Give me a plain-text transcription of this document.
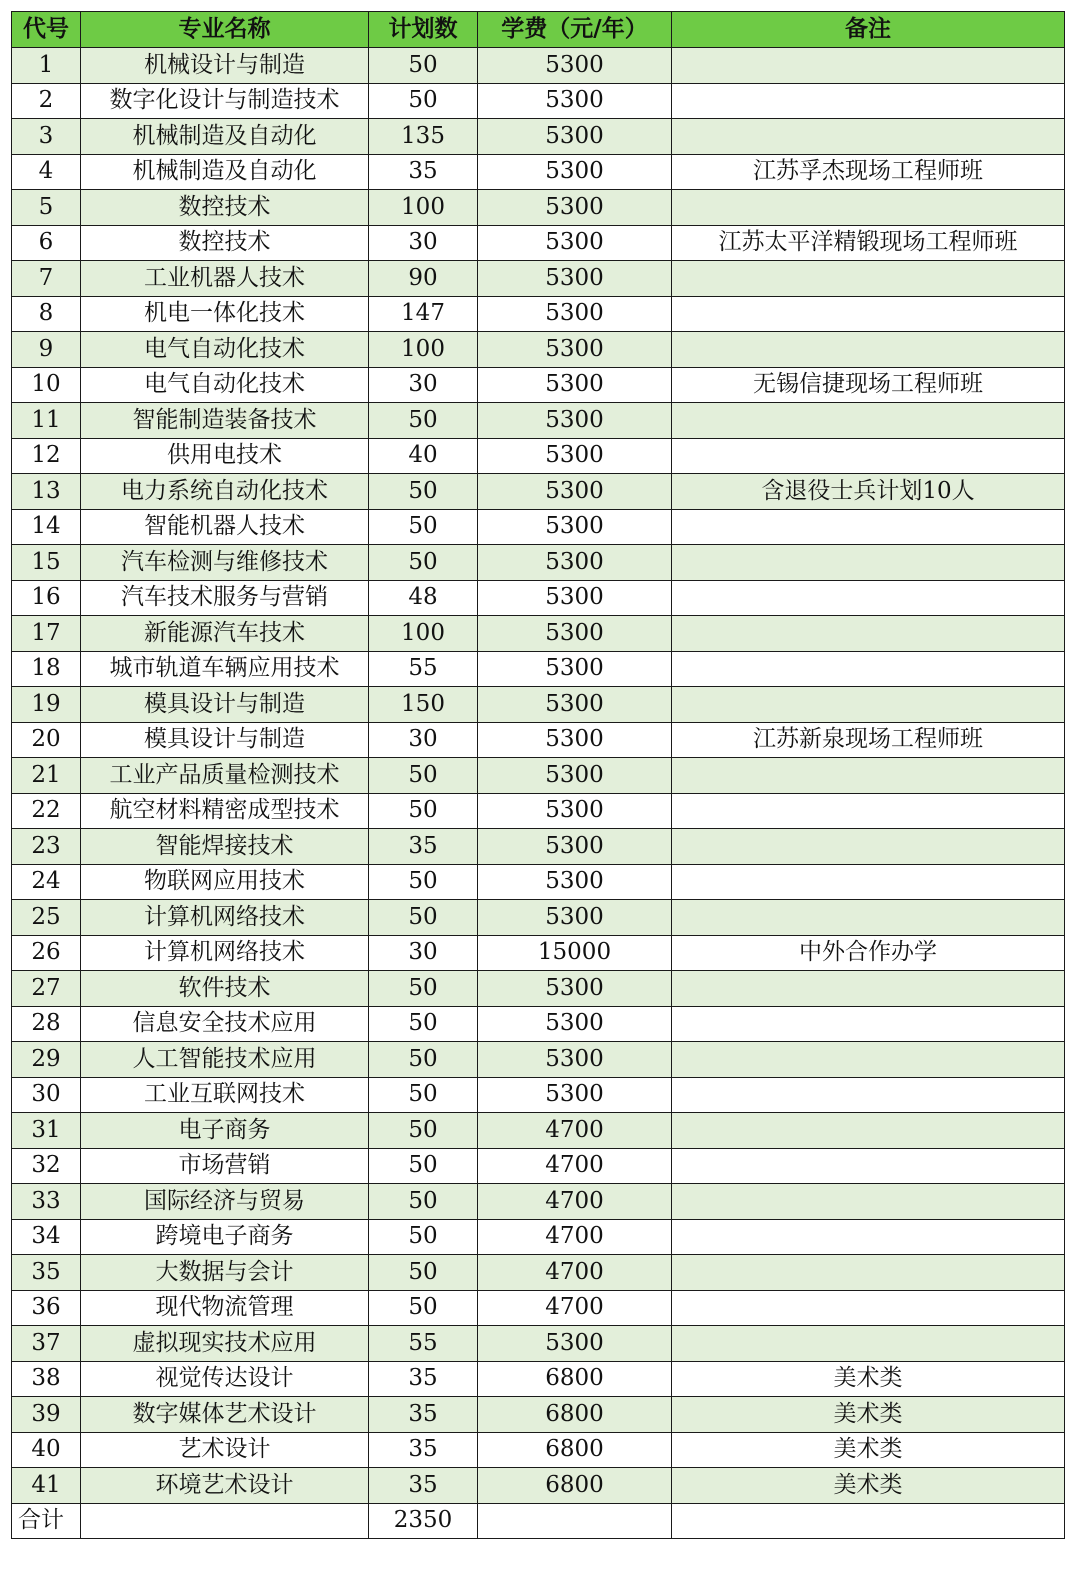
代号	专业名称	计划数	学费（元/年）	备注
1	机械设计与制造	50	5300	
2	数字化设计与制造技术	50	5300	
3	机械制造及自动化	135	5300	
4	机械制造及自动化	35	5300	江苏孚杰现场工程师班
5	数控技术	100	5300	
6	数控技术	30	5300	江苏太平洋精锻现场工程师班
7	工业机器人技术	90	5300	
8	机电一体化技术	147	5300	
9	电气自动化技术	100	5300	
10	电气自动化技术	30	5300	无锡信捷现场工程师班
11	智能制造装备技术	50	5300	
12	供用电技术	40	5300	
13	电力系统自动化技术	50	5300	含退役士兵计划10人
14	智能机器人技术	50	5300	
15	汽车检测与维修技术	50	5300	
16	汽车技术服务与营销	48	5300	
17	新能源汽车技术	100	5300	
18	城市轨道车辆应用技术	55	5300	
19	模具设计与制造	150	5300	
20	模具设计与制造	30	5300	江苏新泉现场工程师班
21	工业产品质量检测技术	50	5300	
22	航空材料精密成型技术	50	5300	
23	智能焊接技术	35	5300	
24	物联网应用技术	50	5300	
25	计算机网络技术	50	5300	
26	计算机网络技术	30	15000	中外合作办学
27	软件技术	50	5300	
28	信息安全技术应用	50	5300	
29	人工智能技术应用	50	5300	
30	工业互联网技术	50	5300	
31	电子商务	50	4700	
32	市场营销	50	4700	
33	国际经济与贸易	50	4700	
34	跨境电子商务	50	4700	
35	大数据与会计	50	4700	
36	现代物流管理	50	4700	
37	虚拟现实技术应用	55	5300	
38	视觉传达设计	35	6800	美术类
39	数字媒体艺术设计	35	6800	美术类
40	艺术设计	35	6800	美术类
41	环境艺术设计	35	6800	美术类
合计		2350		
